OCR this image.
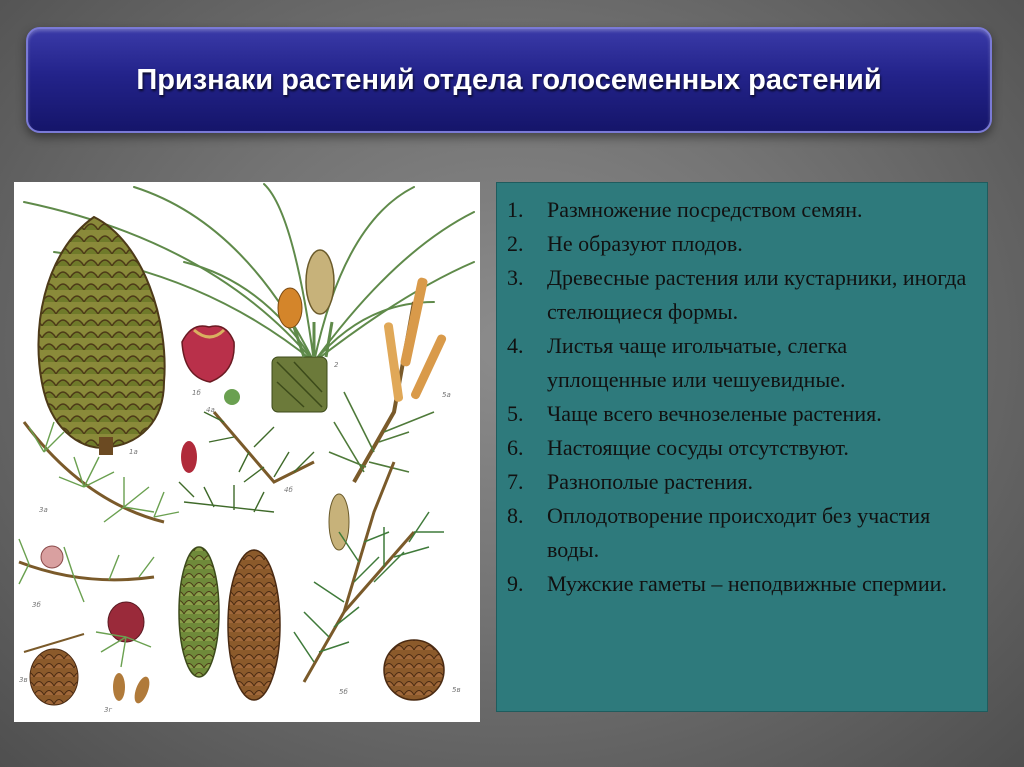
Признаки растений отдела голосеменных растений
1а
1б
2
3а
3б
3в
3г
4а
4б
5а
5б	5в
1.	Размножение посредством семян.
2.	Не образуют плодов.
3.	Древесные растения или кустарники, иногда стелющиеся формы.
4.	Листья чаще игольчатые, слегка уплощенные или чешуевидные.
5.	Чаще всего вечнозеленые растения.
6.	Настоящие сосуды отсутствуют.
7.	Разнополые растения.
8.	Оплодотворение происходит без участия воды.
9.	Мужские гаметы – неподвижные спермии.
